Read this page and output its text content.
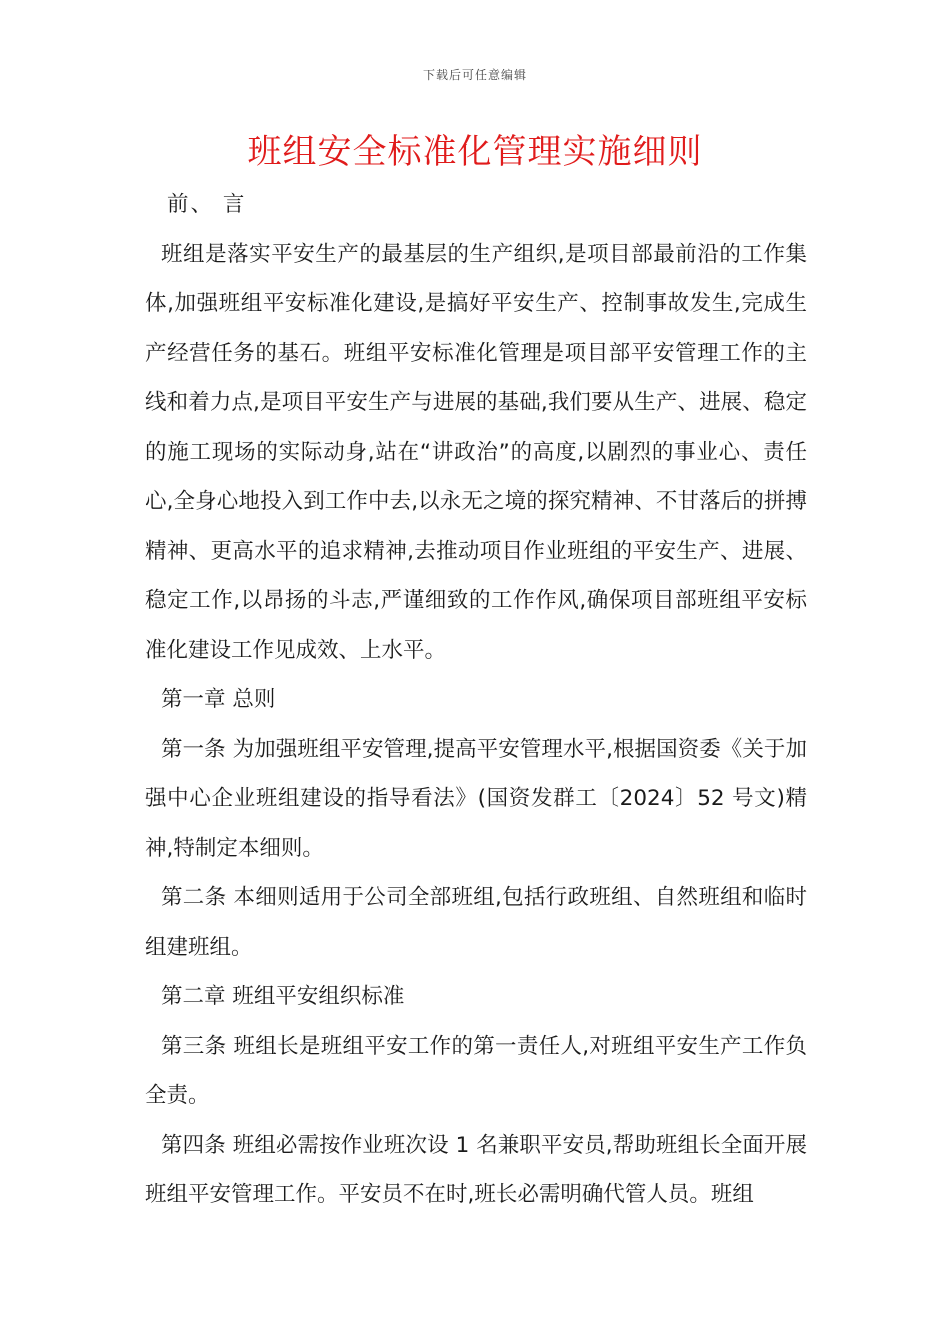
下载后可任意编辑
班组安全标准化管理实施细则

前、 言

班组是落实平安生产的最基层的生产组织,是项目部最前沿的工作集体,加强班组平安标准化建设,是搞好平安生产、控制事故发生,完成生产经营任务的基石。班组平安标准化管理是项目部平安管理工作的主线和着力点,是项目平安生产与进展的基础,我们要从生产、进展、稳定的施工现场的实际动身,站在“讲政治”的高度,以剧烈的事业心、责任心,全身心地投入到工作中去,以永无之境的探究精神、不甘落后的拼搏精神、更高水平的追求精神,去推动项目作业班组的平安生产、进展、稳定工作,以昂扬的斗志,严谨细致的工作作风,确保项目部班组平安标准化建设工作见成效、上水平。

第一章 总则

第一条 为加强班组平安管理,提高平安管理水平,根据国资委《关于加强中心企业班组建设的指导看法》(国资发群工〔2024〕52 号文)精神,特制定本细则。

第二条 本细则适用于公司全部班组,包括行政班组、自然班组和临时组建班组。

第二章 班组平安组织标准

第三条 班组长是班组平安工作的第一责任人,对班组平安生产工作负全责。

第四条 班组必需按作业班次设 1 名兼职平安员,帮助班组长全面开展班组平安管理工作。平安员不在时,班长必需明确代管人员。班组
